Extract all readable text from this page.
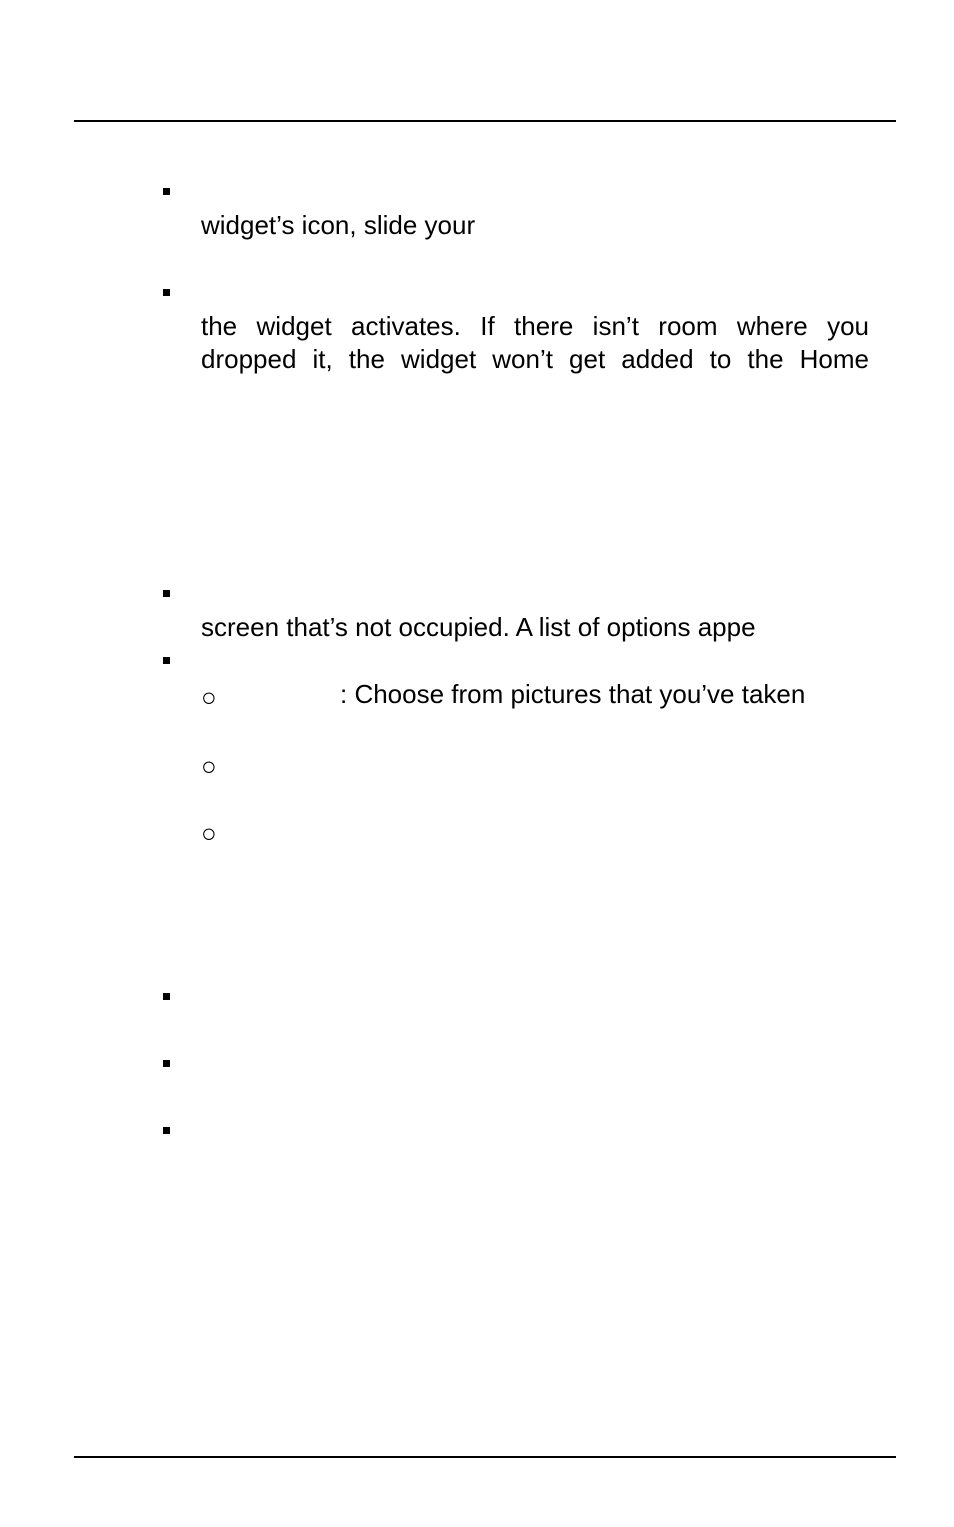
widget’s icon, slide your
the widget activates. If there isn’t room where you
dropped it, the widget won’t get added to the Home
screen that’s not occupied. A list of options appe
○	: Choose from pictures that you’ve taken
○
○
